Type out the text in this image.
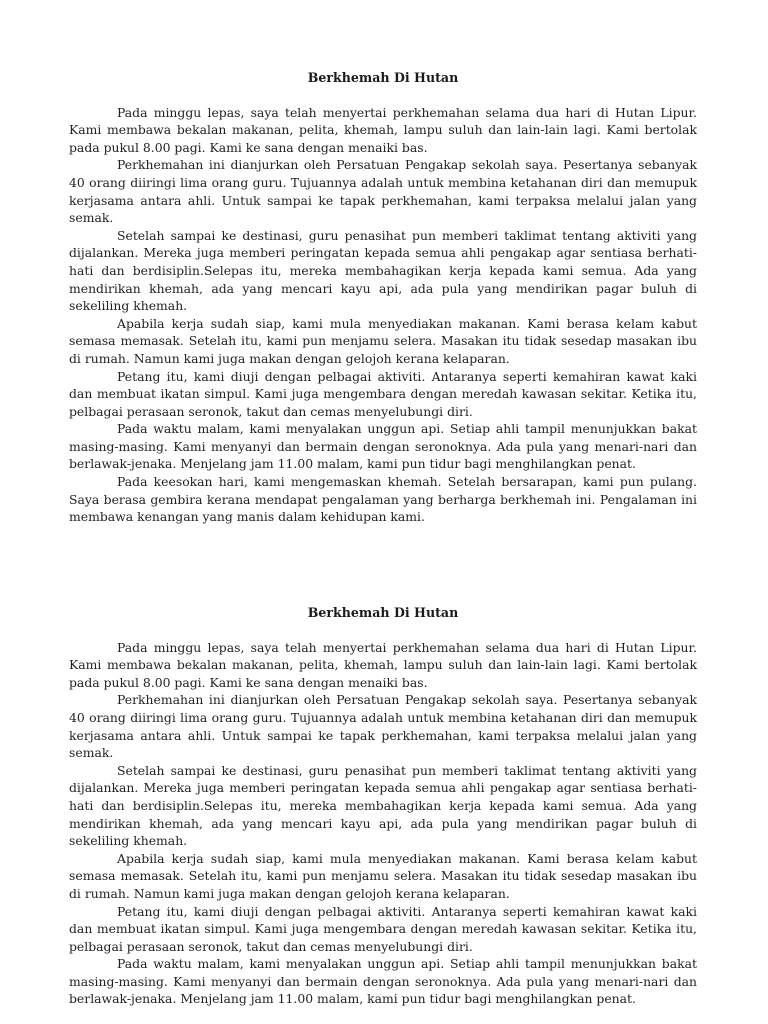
Berkhemah Di Hutan

Pada minggu lepas, saya telah menyertai perkhemahan selama dua hari di Hutan Lipur. Kami membawa bekalan makanan, pelita, khemah, lampu suluh dan lain-lain lagi. Kami bertolak pada pukul 8.00 pagi. Kami ke sana dengan menaiki bas.

Perkhemahan ini dianjurkan oleh Persatuan Pengakap sekolah saya. Pesertanya sebanyak 40 orang diiringi lima orang guru. Tujuannya adalah untuk membina ketahanan diri dan memupuk kerjasama antara ahli. Untuk sampai ke tapak perkhemahan, kami terpaksa melalui jalan yang semak.

Setelah sampai ke destinasi, guru penasihat pun memberi taklimat tentang aktiviti yang dijalankan. Mereka juga memberi peringatan kepada semua ahli pengakap agar sentiasa berhati-hati dan berdisiplin.Selepas itu, mereka membahagikan kerja kepada kami semua. Ada yang mendirikan khemah, ada yang mencari kayu api, ada pula yang mendirikan pagar buluh di sekeliling khemah.

Apabila kerja sudah siap, kami mula menyediakan makanan. Kami berasa kelam kabut semasa memasak. Setelah itu, kami pun menjamu selera. Masakan itu tidak sesedap masakan ibu di rumah. Namun kami juga makan dengan gelojoh kerana kelaparan.

Petang itu, kami diuji dengan pelbagai aktiviti. Antaranya seperti kemahiran kawat kaki dan membuat ikatan simpul. Kami juga mengembara dengan meredah kawasan sekitar. Ketika itu, pelbagai perasaan seronok, takut dan cemas menyelubungi diri.

Pada waktu malam, kami menyalakan unggun api. Setiap ahli tampil menunjukkan bakat masing-masing. Kami menyanyi dan bermain dengan seronoknya. Ada pula yang menari-nari dan berlawak-jenaka. Menjelang jam 11.00 malam, kami pun tidur bagi menghilangkan penat.

Pada keesokan hari, kami mengemaskan khemah. Setelah bersarapan, kami pun pulang. Saya berasa gembira kerana mendapat pengalaman yang berharga berkhemah ini. Pengalaman ini membawa kenangan yang manis dalam kehidupan kami.

Berkhemah Di Hutan

Pada minggu lepas, saya telah menyertai perkhemahan selama dua hari di Hutan Lipur. Kami membawa bekalan makanan, pelita, khemah, lampu suluh dan lain-lain lagi. Kami bertolak pada pukul 8.00 pagi. Kami ke sana dengan menaiki bas.

Perkhemahan ini dianjurkan oleh Persatuan Pengakap sekolah saya. Pesertanya sebanyak 40 orang diiringi lima orang guru. Tujuannya adalah untuk membina ketahanan diri dan memupuk kerjasama antara ahli. Untuk sampai ke tapak perkhemahan, kami terpaksa melalui jalan yang semak.

Setelah sampai ke destinasi, guru penasihat pun memberi taklimat tentang aktiviti yang dijalankan. Mereka juga memberi peringatan kepada semua ahli pengakap agar sentiasa berhati-hati dan berdisiplin.Selepas itu, mereka membahagikan kerja kepada kami semua. Ada yang mendirikan khemah, ada yang mencari kayu api, ada pula yang mendirikan pagar buluh di sekeliling khemah.

Apabila kerja sudah siap, kami mula menyediakan makanan. Kami berasa kelam kabut semasa memasak. Setelah itu, kami pun menjamu selera. Masakan itu tidak sesedap masakan ibu di rumah. Namun kami juga makan dengan gelojoh kerana kelaparan.

Petang itu, kami diuji dengan pelbagai aktiviti. Antaranya seperti kemahiran kawat kaki dan membuat ikatan simpul. Kami juga mengembara dengan meredah kawasan sekitar. Ketika itu, pelbagai perasaan seronok, takut dan cemas menyelubungi diri.

Pada waktu malam, kami menyalakan unggun api. Setiap ahli tampil menunjukkan bakat masing-masing. Kami menyanyi dan bermain dengan seronoknya. Ada pula yang menari-nari dan berlawak-jenaka. Menjelang jam 11.00 malam, kami pun tidur bagi menghilangkan penat.
